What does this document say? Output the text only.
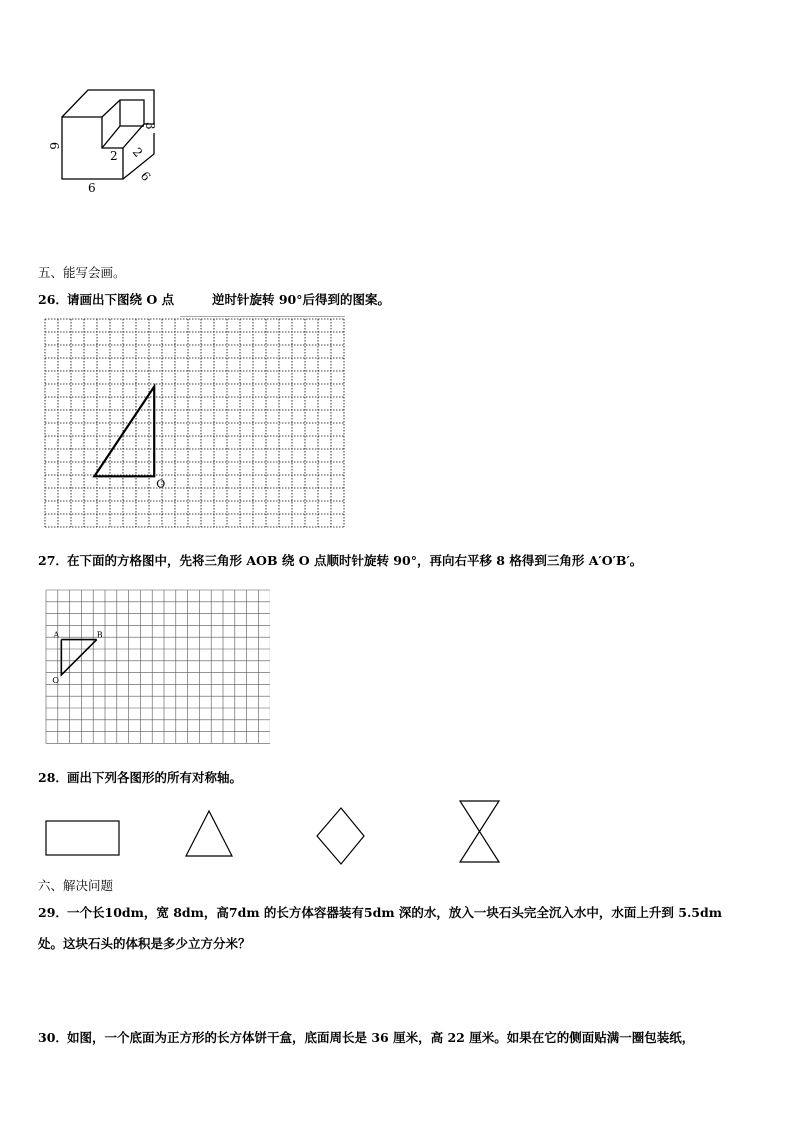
3
2 2
6
6
6
五、能写会画。
26． 请画出下图绕 O 点	逆时针旋转 90°后得到的图案。
O
27． 在下面的方格图中，先将三角形 AOB 绕 O 点顺时针旋转 90°，再向右平移 8 格得到三角形 A′O′B′。
A	B
O
28． 画出下列各图形的所有对称轴。
六、解决问题
29． 一个长10dm，宽 8dm，高7dm 的长方体容器装有5dm 深的水，放入一块石头完全沉入水中，水面上升到 5.5dm
处。这块石头的体积是多少立方分米？
30． 如图，一个底面为正方形的长方体饼干盒，底面周长是 36 厘米，高 22 厘米。如果在它的侧面贴满一圈包装纸，
